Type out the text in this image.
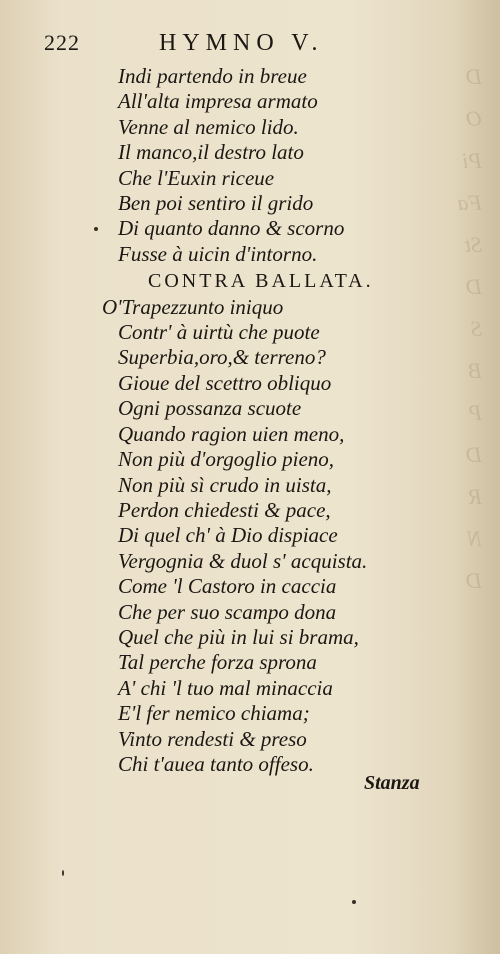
D
O
Pi
Fa
St
D
S
B
P
D
R
N
D
222	HYMNO V.
Indi partendo in breue
All'alta impresa armato
Venne al nemico lido.
Il manco,il destro lato
Che l'Euxin riceue
Ben poi sentiro il grido
Di quanto danno & scorno
Fusse à uicin d'intorno.
CONTRA BALLATA.
O'Trapezzunto iniquo
Contr' à uirtù che puote
Superbia,oro,& terreno?
Gioue del scettro obliquo
Ogni possanza scuote
Quando ragion uien meno,
Non più d'orgoglio pieno,
Non più sì crudo in uista,
Perdon chiedesti & pace,
Di quel ch' à Dio dispiace
Vergognia & duol s' acquista.
Come 'l Castoro in caccia
Che per suo scampo dona
Quel che più in lui si brama,
Tal perche forza sprona
A' chi 'l tuo mal minaccia
E'l fer nemico chiama;
Vinto rendesti & preso
Chi t'auea tanto offeso.
Stanza
